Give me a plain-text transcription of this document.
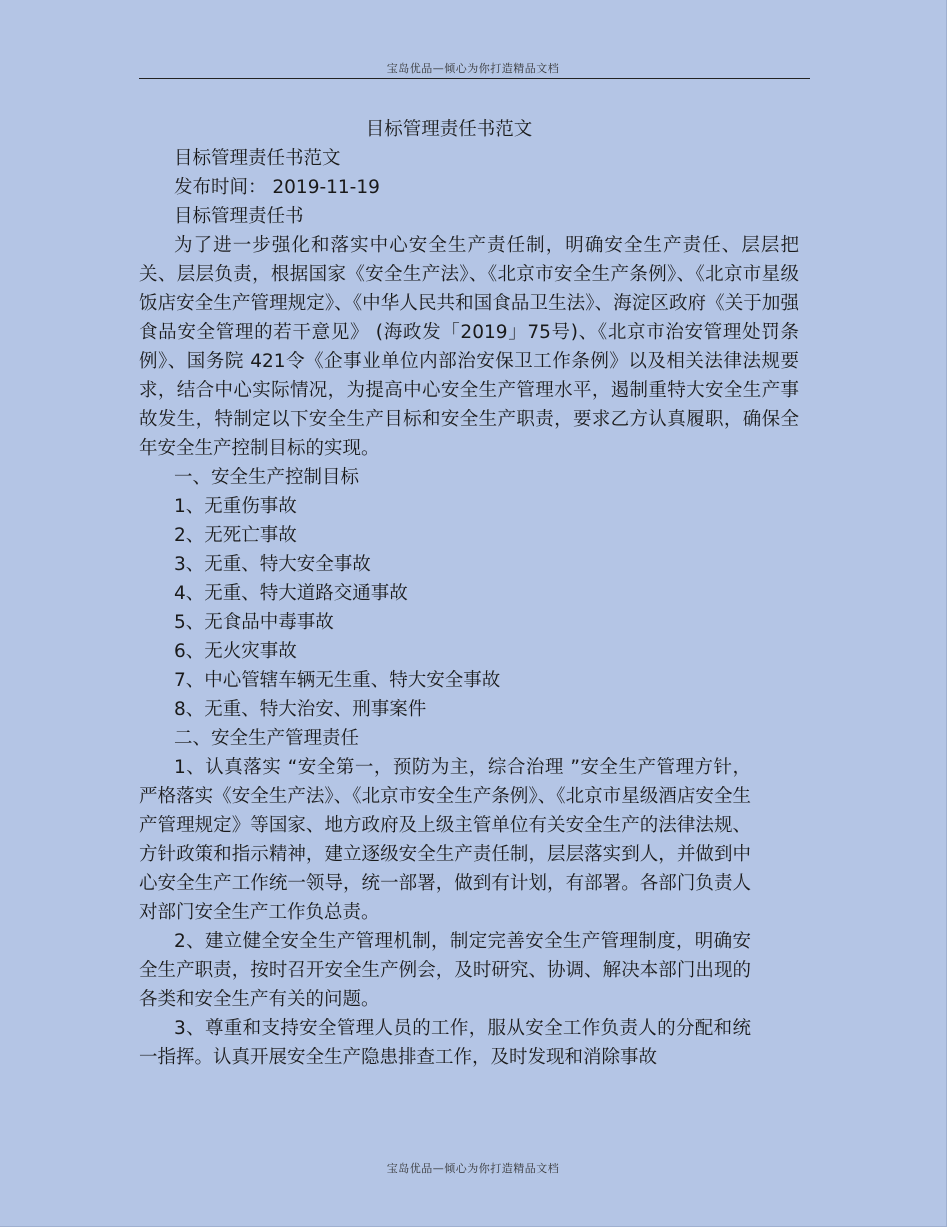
宝岛优品—倾心为你打造精品文档
目标管理责任书范文
目标管理责任书范文
发布时间： 2019-11-19
目标管理责任书

为了进一步强化和落实中心安全生产责任制，明确安全生产责任、层层把关、层层负责，根据国家《安全生产法》、《北京市安全生产条例》、《北京市星级饭店安全生产管理规定》、《中华人民共和国食品卫生法》、海淀区政府《关于加强食品安全管理的若干意见》 (海政发「2019」75号)、《北京市治安管理处罚条例》、国务院 421令《企事业单位内部治安保卫工作条例》以及相关法律法规要求，结合中心实际情况，为提高中心安全生产管理水平，遏制重特大安全生产事故发生，特制定以下安全生产目标和安全生产职责，要求乙方认真履职，确保全年安全生产控制目标的实现。

一、安全生产控制目标
1、无重伤事故
2、无死亡事故
3、无重、特大安全事故
4、无重、特大道路交通事故
5、无食品中毒事故
6、无火灾事故
7、中心管辖车辆无生重、特大安全事故
8、无重、特大治安、刑事案件
二、安全生产管理责任

1、认真落实 “安全第一，预防为主，综合治理 ”安全生产管理方针，严格落实《安全生产法》、《北京市安全生产条例》、《北京市星级酒店安全生产管理规定》等国家、地方政府及上级主管单位有关安全生产的法律法规、方针政策和指示精神，建立逐级安全生产责任制，层层落实到人，并做到中心安全生产工作统一领导，统一部署，做到有计划，有部署。各部门负责人对部门安全生产工作负总责。

2、建立健全安全生产管理机制，制定完善安全生产管理制度，明确安全生产职责，按时召开安全生产例会，及时研究、协调、解决本部门出现的各类和安全生产有关的问题。

3、尊重和支持安全管理人员的工作，服从安全工作负责人的分配和统一指挥。认真开展安全生产隐患排查工作，及时发现和消除事故

宝岛优品—倾心为你打造精品文档
